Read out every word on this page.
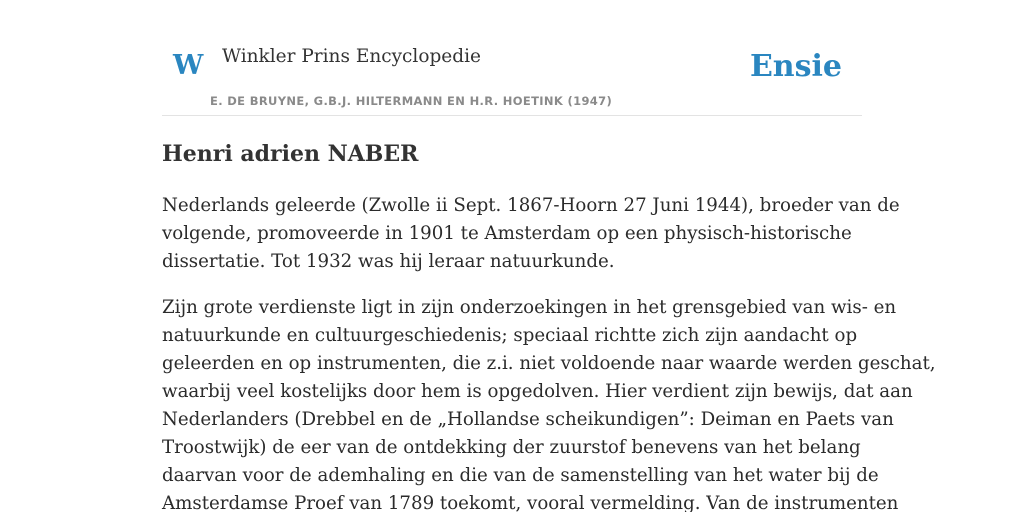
W Winkler Prins Encyclopedie
E. DE BRUYNE, G.B.J. HILTERMANN EN H.R. HOETINK (1947)
Ensie
Henri adrien NABER

Nederlands geleerde (Zwolle ii Sept. 1867-Hoorn 27 Juni 1944), broeder van de
volgende, promoveerde in 1901 te Amsterdam op een physisch-historische
dissertatie. Tot 1932 was hij leraar natuurkunde.

Zijn grote verdienste ligt in zijn onderzoekingen in het grensgebied van wis- en
natuurkunde en cultuurgeschiedenis; speciaal richtte zich zijn aandacht op
geleerden en op instrumenten, die z.i. niet voldoende naar waarde werden geschat,
waarbij veel kostelijks door hem is opgedolven. Hier verdient zijn bewijs, dat aan
Nederlanders (Drebbel en de „Hollandse scheikundigen”: Deiman en Paets van
Troostwijk) de eer van de ontdekking der zuurstof benevens van het belang
daarvan voor de ademhaling en die van de samenstelling van het water bij de
Amsterdamse Proef van 1789 toekomt, vooral vermelding. Van de instrumenten
